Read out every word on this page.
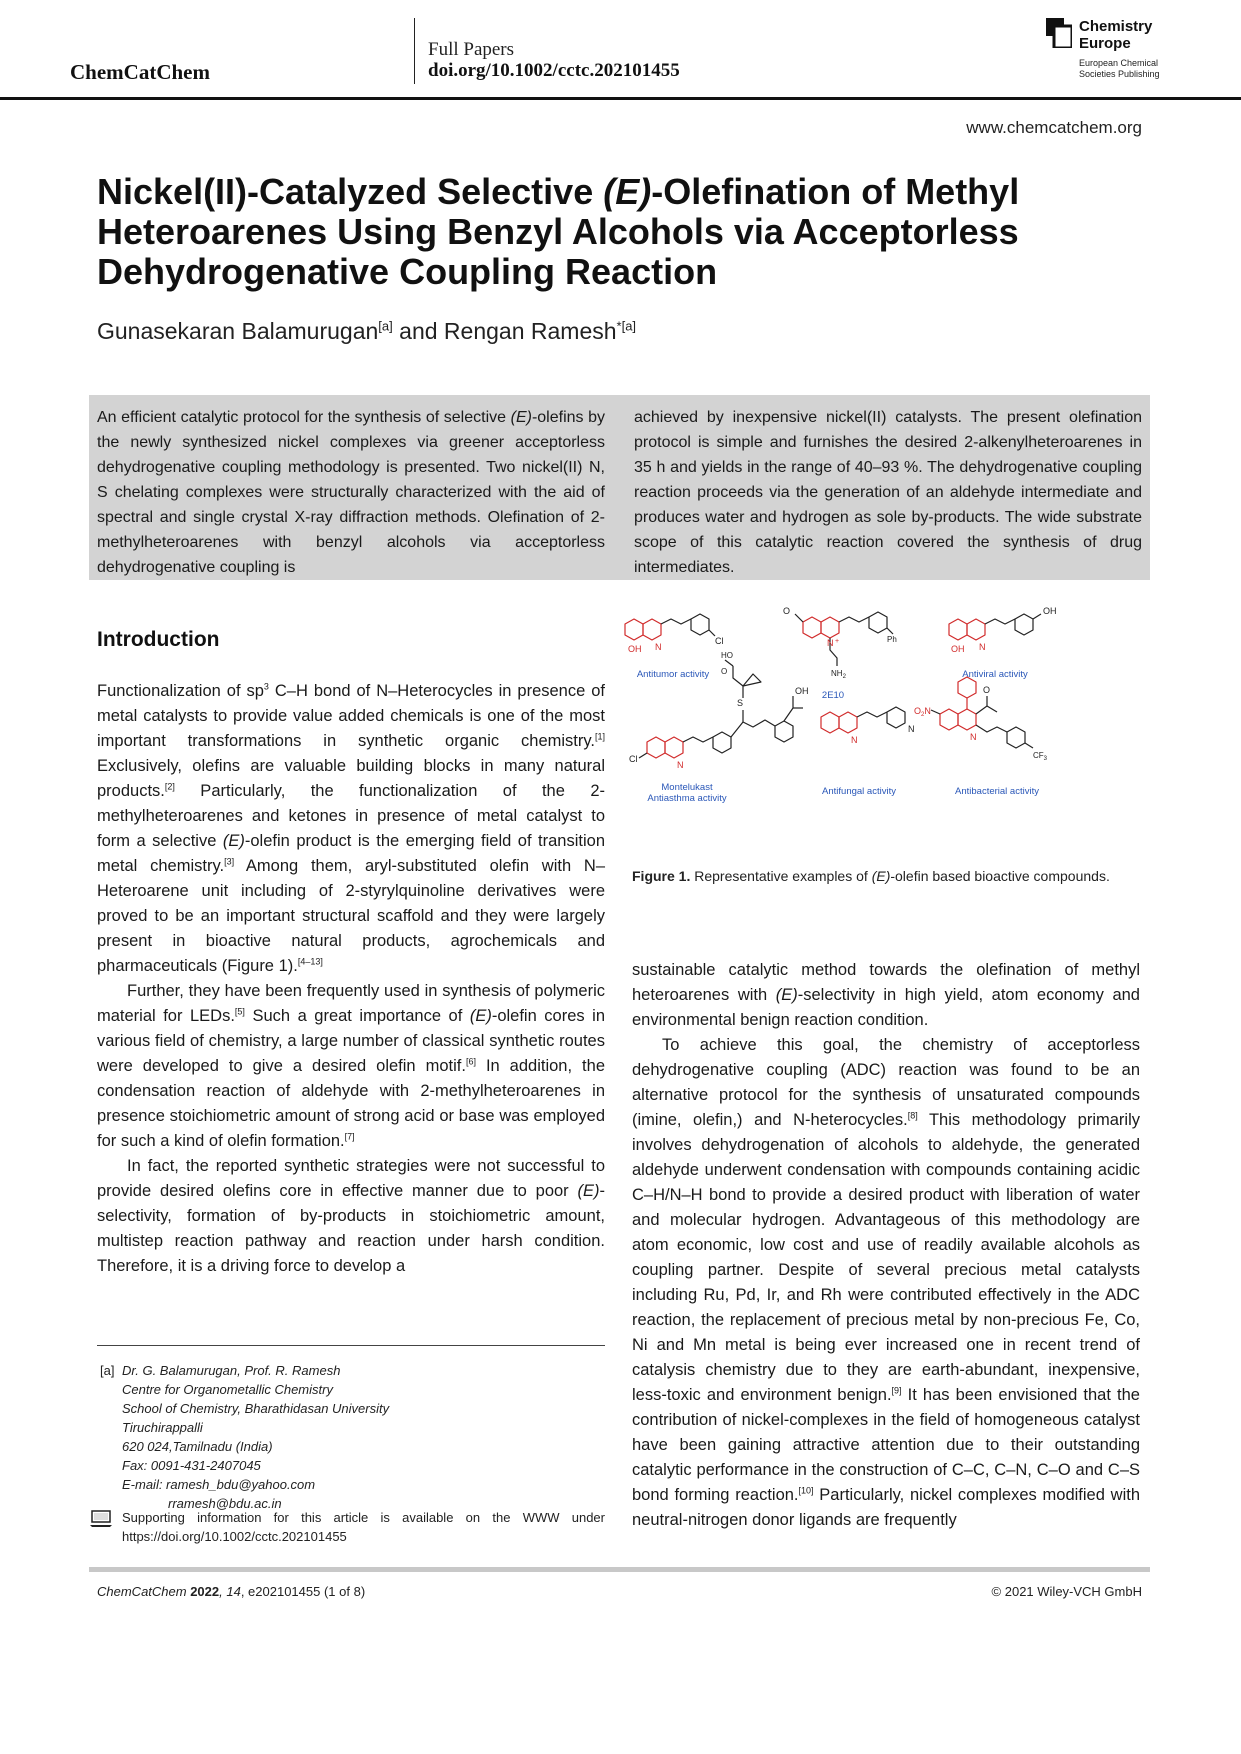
ChemCatChem
Full Papers
doi.org/10.1002/cctc.202101455
Chemistry
Europe
European Chemical
Societies Publishing
www.chemcatchem.org
Nickel(II)-Catalyzed Selective (E)-Olefination of Methyl Heteroarenes Using Benzyl Alcohols via Acceptorless Dehydrogenative Coupling Reaction
Gunasekaran Balamurugan[a] and Rengan Ramesh$^{*[a]}$
An efficient catalytic protocol for the synthesis of selective (E)-olefins by the newly synthesized nickel complexes via greener acceptorless dehydrogenative coupling methodology is presented. Two nickel(II) N, S chelating complexes were structurally characterized with the aid of spectral and single crystal X-ray diffraction methods. Olefination of 2-methylheteroarenes with benzyl alcohols via acceptorless dehydrogenative coupling is
achieved by inexpensive nickel(II) catalysts. The present olefination protocol is simple and furnishes the desired 2-alkenylheteroarenes in 35 h and yields in the range of 40–93 %. The dehydrogenative coupling reaction proceeds via the generation of an aldehyde intermediate and produces water and hydrogen as sole by-products. The wide substrate scope of this catalytic reaction covered the synthesis of drug intermediates.
Introduction

Functionalization of $sp^3$ C–H bond of N–Heterocycles in presence of metal catalysts to provide value added chemicals is one of the most important transformations in synthetic organic chemistry.[1] Exclusively, olefins are valuable building blocks in many natural products.[2] Particularly, the functionalization of the 2-methylheteroarenes and ketones in presence of metal catalyst to form a selective (E)-olefin product is the emerging field of transition metal chemistry.[3] Among them, aryl-substituted olefin with N–Heteroarene unit including of 2-styrylquinoline derivatives were proved to be an important structural scaffold and they were largely present in bioactive natural products, agrochemicals and pharmaceuticals (Figure 1).[4–13]

Further, they have been frequently used in synthesis of polymeric material for LEDs.[5] Such a great importance of (E)-olefin cores in various field of chemistry, a large number of classical synthetic routes were developed to give a desired olefin motif.[6] In addition, the condensation reaction of aldehyde with 2-methylheteroarenes in presence stoichiometric amount of strong acid or base was employed for such a kind of olefin formation.[7]

In fact, the reported synthetic strategies were not successful to provide desired olefins core in effective manner due to poor (E)-selectivity, formation of by-products in stoichiometric amount, multistep reaction pathway and reaction under harsh condition. Therefore, it is a driving force to develop a

[a] Dr. G. Balamurugan, Prof. R. Ramesh
Centre for Organometallic Chemistry
School of Chemistry, Bharathidasan University
Tiruchirappalli
620 024,Tamilnadu (India)
Fax: 0091-431-2407045
E-mail: ramesh_bdu@yahoo.com
rramesh@bdu.ac.in
Supporting information for this article is available on the WWW under https://doi.org/10.1002/cctc.202101455
OH N
Cl
O
N +	Ph
$NH_2$
OH N
OH
Cl
N
S
OH
HO
O
N
N
$O_2N$
N
O
$CF_3$
Antitumor activity
2E10
Antiviral activity
Montelukast
Antiasthma activity
Antifungal activity	Antibacterial activity
Figure 1. Representative examples of (E)-olefin based bioactive compounds.

sustainable catalytic method towards the olefination of methyl heteroarenes with (E)-selectivity in high yield, atom economy and environmental benign reaction condition.

To achieve this goal, the chemistry of acceptorless dehydrogenative coupling (ADC) reaction was found to be an alternative protocol for the synthesis of unsaturated compounds (imine, olefin,) and N-heterocycles.[8] This methodology primarily involves dehydrogenation of alcohols to aldehyde, the generated aldehyde underwent condensation with compounds containing acidic C–H/N–H bond to provide a desired product with liberation of water and molecular hydrogen. Advantageous of this methodology are atom economic, low cost and use of readily available alcohols as coupling partner. Despite of several precious metal catalysts including Ru, Pd, Ir, and Rh were contributed effectively in the ADC reaction, the replacement of precious metal by non-precious Fe, Co, Ni and Mn metal is being ever increased one in recent trend of catalysis chemistry due to they are earth-abundant, inexpensive, less-toxic and environment benign.[9] It has been envisioned that the contribution of nickel-complexes in the field of homogeneous catalyst have been gaining attractive attention due to their outstanding catalytic performance in the construction of C–C, C–N, C–O and C–S bond forming reaction.[10] Particularly, nickel complexes modified with neutral-nitrogen donor ligands are frequently

ChemCatChem 2022, 14, e202101455 (1 of 8)	© 2021 Wiley-VCH GmbH
